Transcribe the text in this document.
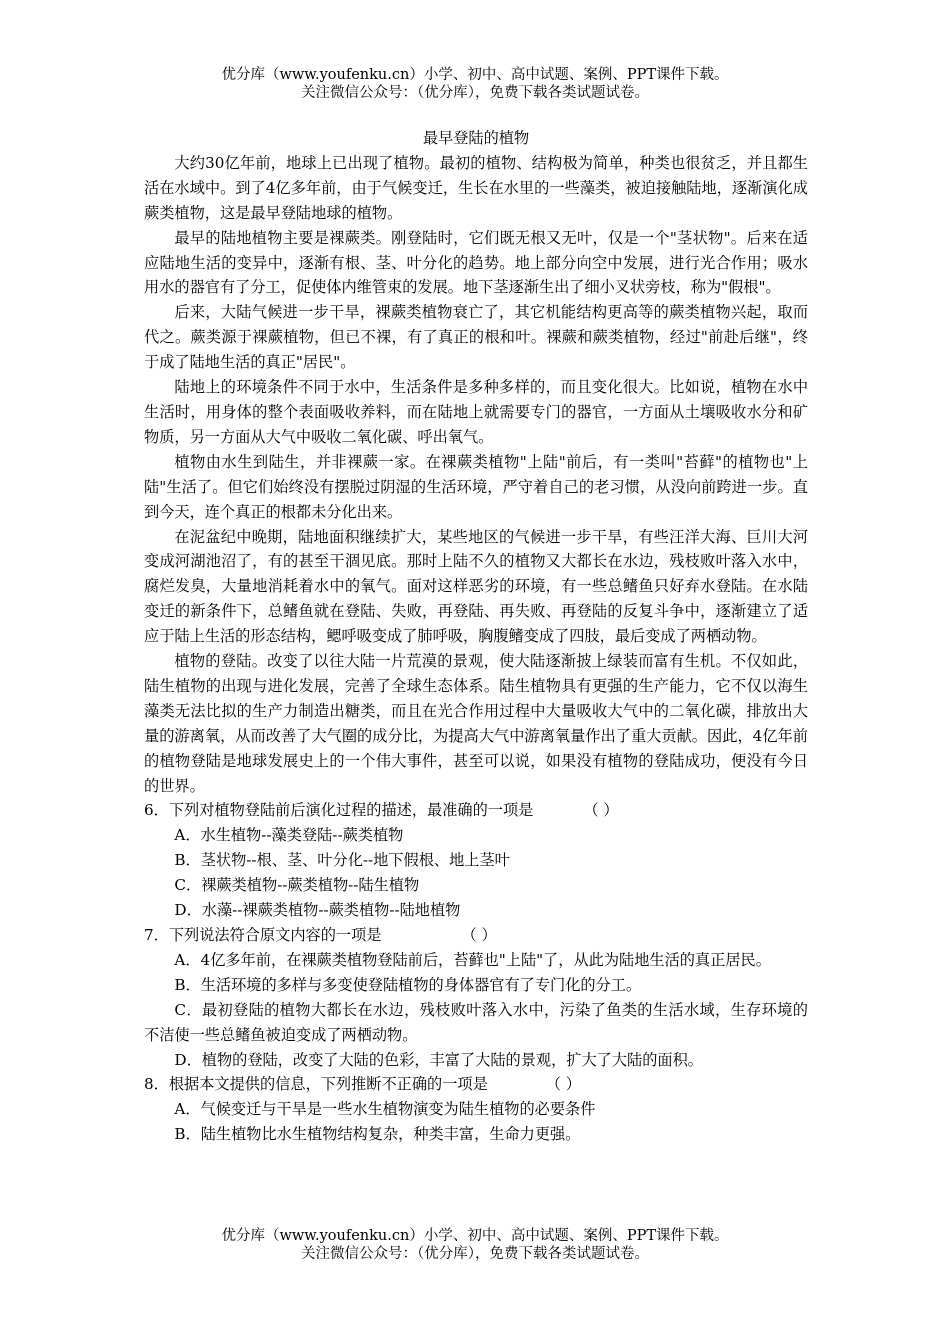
优分库（www.youfenku.cn）小学、初中、高中试题、案例、PPT课件下载。
关注微信公众号：（优分库），免费下载各类试题试卷。

最早登陆的植物

大约30亿年前，地球上已出现了植物。最初的植物、结构极为简单，种类也很贫乏，并且都生活在水域中。到了4亿多年前，由于气候变迁，生长在水里的一些藻类，被迫接触陆地，逐渐演化成蕨类植物，这是最早登陆地球的植物。

最早的陆地植物主要是裸蕨类。刚登陆时，它们既无根又无叶，仅是一个"茎状物"。后来在适应陆地生活的变异中，逐渐有根、茎、叶分化的趋势。地上部分向空中发展，进行光合作用；吸水用水的器官有了分工，促使体内维管束的发展。地下茎逐渐生出了细小叉状旁枝，称为"假根"。

后来，大陆气候进一步干旱，裸蕨类植物衰亡了，其它机能结构更高等的蕨类植物兴起，取而代之。蕨类源于裸蕨植物，但已不裸，有了真正的根和叶。裸蕨和蕨类植物，经过"前赴后继"，终于成了陆地生活的真正"居民"。

陆地上的环境条件不同于水中，生活条件是多种多样的，而且变化很大。比如说，植物在水中生活时，用身体的整个表面吸收养料，而在陆地上就需要专门的器官，一方面从土壤吸收水分和矿物质，另一方面从大气中吸收二氧化碳、呼出氧气。

植物由水生到陆生，并非裸蕨一家。在裸蕨类植物"上陆"前后，有一类叫"苔藓"的植物也"上陆"生活了。但它们始终没有摆脱过阴湿的生活环境，严守着自己的老习惯，从没向前跨进一步。直到今天，连个真正的根都未分化出来。

在泥盆纪中晚期，陆地面积继续扩大，某些地区的气候进一步干旱，有些汪洋大海、巨川大河变成河湖池沼了，有的甚至干涸见底。那时上陆不久的植物又大都长在水边，残枝败叶落入水中，腐烂发臭，大量地消耗着水中的氧气。面对这样恶劣的环境，有一些总鳍鱼只好弃水登陆。在水陆变迁的新条件下，总鳍鱼就在登陆、失败，再登陆、再失败、再登陆的反复斗争中，逐渐建立了适应于陆上生活的形态结构，鳃呼吸变成了肺呼吸，胸腹鳍变成了四肢，最后变成了两栖动物。

植物的登陆。改变了以往大陆一片荒漠的景观，使大陆逐渐披上绿装而富有生机。不仅如此，陆生植物的出现与进化发展，完善了全球生态体系。陆生植物具有更强的生产能力，它不仅以海生藻类无法比拟的生产力制造出糖类，而且在光合作用过程中大量吸收大气中的二氧化碳，排放出大量的游离氧，从而改善了大气圈的成分比，为提高大气中游离氧量作出了重大贡献。因此，4亿年前的植物登陆是地球发展史上的一个伟大事件，甚至可以说，如果没有植物的登陆成功，便没有今日的世界。

6．下列对植物登陆前后演化过程的描述，最准确的一项是	（ ）

A．水生植物--藻类登陆--蕨类植物

B．茎状物--根、茎、叶分化--地下假根、地上茎叶

C．裸蕨类植物--蕨类植物--陆生植物

D．水藻--裸蕨类植物--蕨类植物--陆地植物

7．下列说法符合原文内容的一项是	（ ）

A．4亿多年前，在裸蕨类植物登陆前后，苔藓也"上陆"了，从此为陆地生活的真正居民。

B．生活环境的多样与多变使登陆植物的身体器官有了专门化的分工。

C．最初登陆的植物大都长在水边，残枝败叶落入水中，污染了鱼类的生活水域，生存环境的不洁使一些总鳍鱼被迫变成了两栖动物。

D．植物的登陆，改变了大陆的色彩，丰富了大陆的景观，扩大了大陆的面积。

8．根据本文提供的信息，下列推断不正确的一项是	（ ）

A．气候变迁与干旱是一些水生植物演变为陆生植物的必要条件

B．陆生植物比水生植物结构复杂，种类丰富，生命力更强。

优分库（www.youfenku.cn）小学、初中、高中试题、案例、PPT课件下载。
关注微信公众号：（优分库），免费下载各类试题试卷。
